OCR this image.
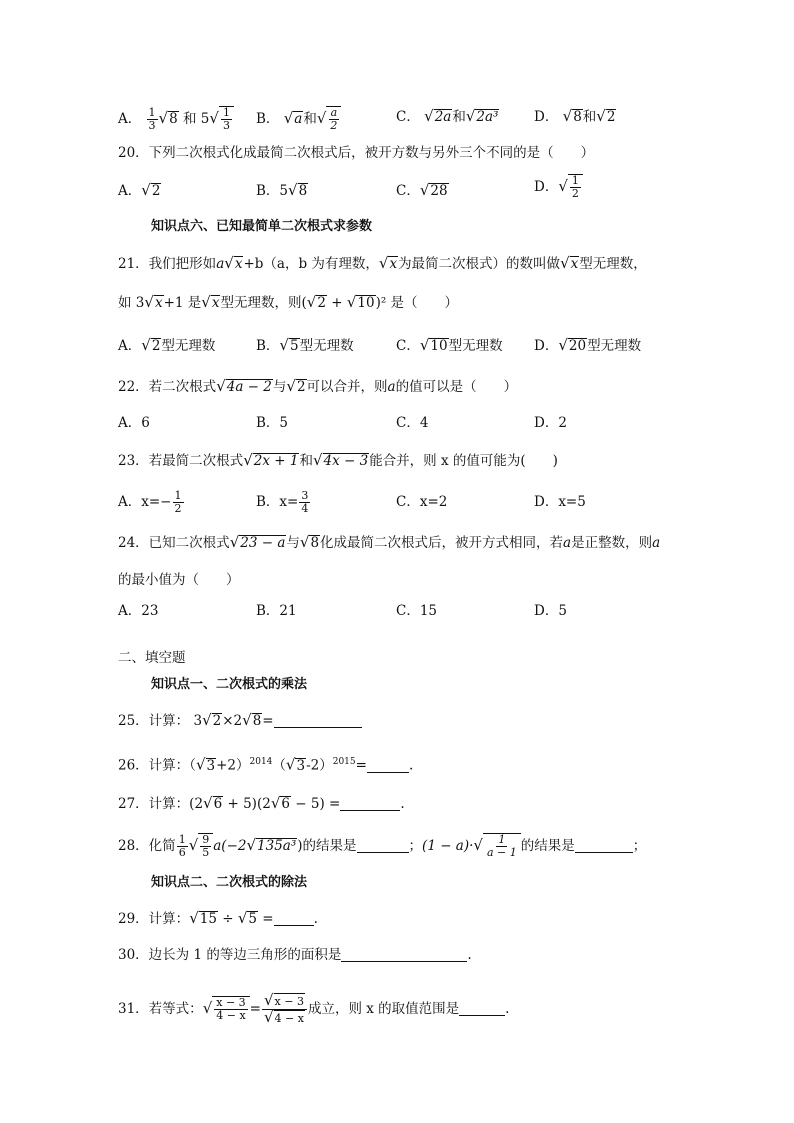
A． $\frac{1}{3} √8$ 和 $5√ \frac{1}{3}$ B． √a和√ $\frac{a}{2}$	C． √2a和√2a³	D． √8和√2
20．下列二次根式化成最简二次根式后，被开方数与另外三个不同的是（　　）
A．√2	B．5√8	C．√28	D．√ $\frac{1}{2}$
知识点六、已知最简单二次根式求参数
21．我们把形如a√x+b（a，b 为有理数，√x为最简二次根式）的数叫做√x型无理数，
如 3√x+1 是√x型无理数，则(√2 + √10)² 是（　　）
A．√2型无理数	B．√5型无理数	C．√10型无理数 D．√20型无理数
22．若二次根式√4a − 2与√2可以合并，则a的值可以是（　　）
A．6	B．5	C．4	D．2
23．若最简二次根式√2x + 1和√4x − 3能合并，则 x 的值可能为(　　)
A．$x=- \frac{1}{2}$	B．$x= \frac{3}{4}$	C．x=2	D．x=5
24．已知二次根式√23 − a与√8化成最简二次根式后，被开方式相同，若a是正整数，则a
的最小值为（　　）
A．23	B．21	C．15	D．5
二、填空题
知识点一、二次根式的乘法
25．计算： 3√2×2√8=
26．计算：$(√3+2)^{2014}(√3-2)^{2015}=$	.
27．计算：(2√6 + 5)(2√6 − 5) =	.
28．化简 $\frac{1}{6}$ √ $\frac{9}{5} a(-2√135a^3)$的结果是	；$(1 - a)\cdot√ \frac{1}{a - 1}$ 的结果是	；
知识点二、二次根式的除法
29．计算：√15 ÷ √5 =	.
30．边长为 1 的等边三角形的面积是	.
31．若等式：√ $\frac{x - 3}{4 - x} = \frac{√x - 3}{√4 - x}$ 成立，则 x 的取值范围是	.
